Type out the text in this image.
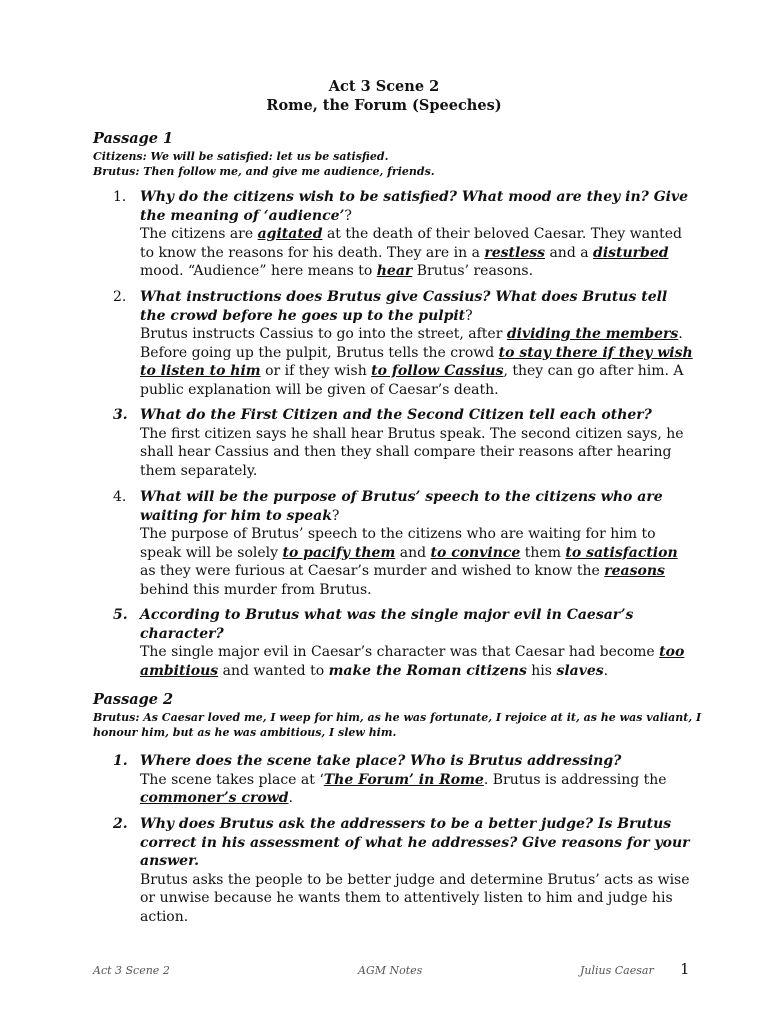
Act 3 Scene 2
Rome, the Forum (Speeches)
Passage 1
Citizens: We will be satisfied: let us be satisfied.
Brutus: Then follow me, and give me audience, friends.
1. Why do the citizens wish to be satisfied? What mood are they in? Give the meaning of ‘audience’?
The citizens are agitated at the death of their beloved Caesar. They wanted to know the reasons for his death. They are in a restless and a disturbed mood. “Audience” here means to hear Brutus’ reasons.
2. What instructions does Brutus give Cassius? What does Brutus tell the crowd before he goes up to the pulpit?
Brutus instructs Cassius to go into the street, after dividing the members. Before going up the pulpit, Brutus tells the crowd to stay there if they wish to listen to him or if they wish to follow Cassius, they can go after him. A public explanation will be given of Caesar’s death.
3. What do the First Citizen and the Second Citizen tell each other?
The first citizen says he shall hear Brutus speak. The second citizen says, he shall hear Cassius and then they shall compare their reasons after hearing them separately.
4. What will be the purpose of Brutus’ speech to the citizens who are waiting for him to speak?
The purpose of Brutus’ speech to the citizens who are waiting for him to speak will be solely to pacify them and to convince them to satisfaction as they were furious at Caesar’s murder and wished to know the reasons behind this murder from Brutus.
5. According to Brutus what was the single major evil in Caesar’s character?
The single major evil in Caesar’s character was that Caesar had become too ambitious and wanted to make the Roman citizens his slaves.
Passage 2
Brutus: As Caesar loved me, I weep for him, as he was fortunate, I rejoice at it, as he was valiant, I honour him, but as he was ambitious, I slew him.
1. Where does the scene take place? Who is Brutus addressing?
The scene takes place at ‘The Forum’ in Rome. Brutus is addressing the commoner’s crowd.
2. Why does Brutus ask the addressers to be a better judge? Is Brutus correct in his assessment of what he addresses? Give reasons for your answer.
Brutus asks the people to be better judge and determine Brutus’ acts as wise or unwise because he wants them to attentively listen to him and judge his action.
Act 3 Scene 2	AGM Notes	Julius Caesar 1
